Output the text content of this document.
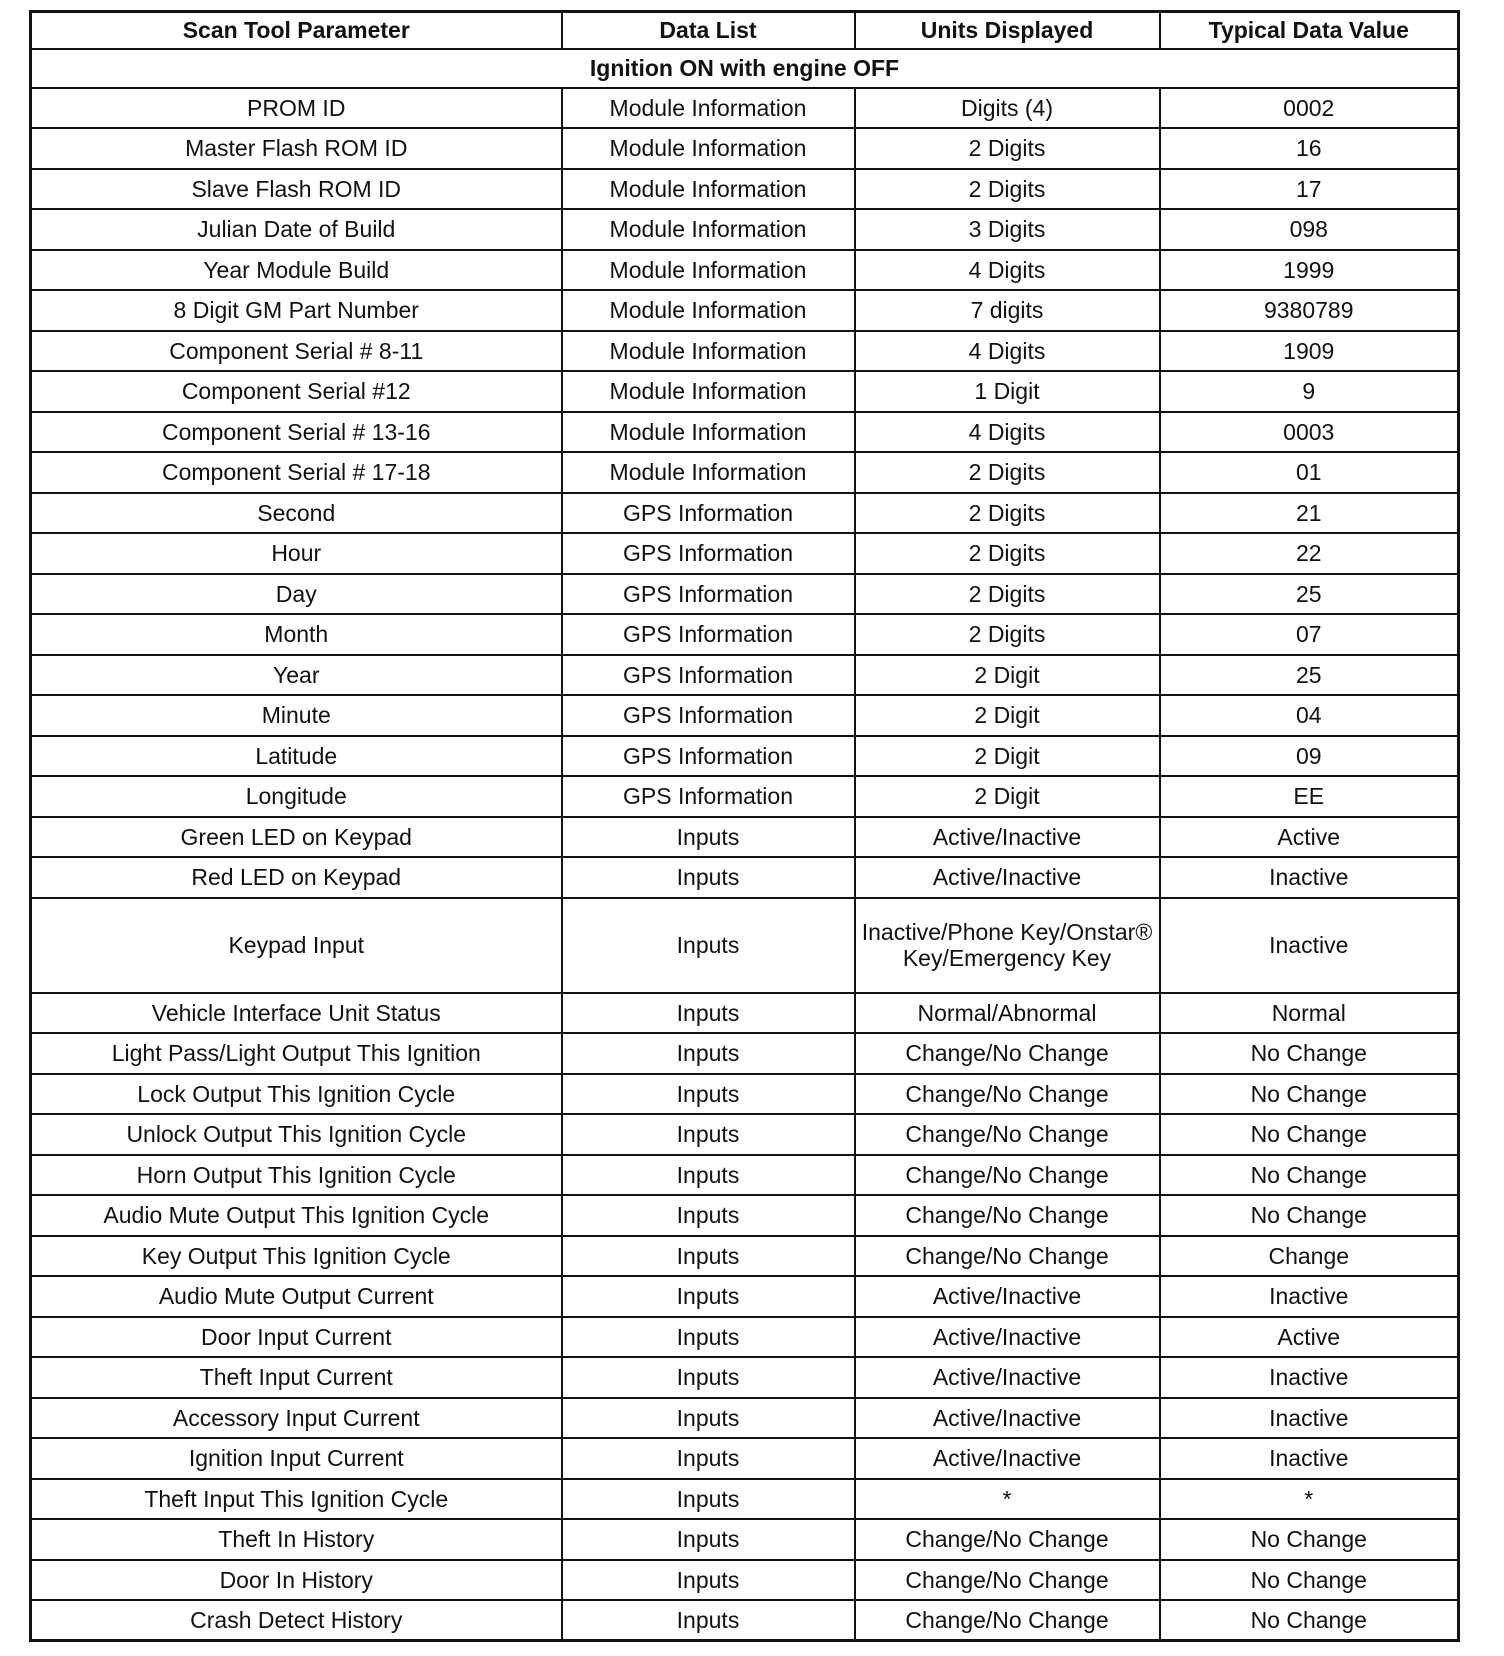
Scan Tool Parameter	Data List	Units Displayed	Typical Data Value
Ignition ON with engine OFF			
PROM ID	Module Information	Digits (4)	0002
Master Flash ROM ID	Module Information	2 Digits	16
Slave Flash ROM ID	Module Information	2 Digits	17
Julian Date of Build	Module Information	3 Digits	098
Year Module Build	Module Information	4 Digits	1999
8 Digit GM Part Number	Module Information	7 digits	9380789
Component Serial # 8-11	Module Information	4 Digits	1909
Component Serial #12	Module Information	1 Digit	9
Component Serial # 13-16	Module Information	4 Digits	0003
Component Serial # 17-18	Module Information	2 Digits	01
Second	GPS Information	2 Digits	21
Hour	GPS Information	2 Digits	22
Day	GPS Information	2 Digits	25
Month	GPS Information	2 Digits	07
Year	GPS Information	2 Digit	25
Minute	GPS Information	2 Digit	04
Latitude	GPS Information	2 Digit	09
Longitude	GPS Information	2 Digit	EE
Green LED on Keypad	Inputs	Active/Inactive	Active
Red LED on Keypad	Inputs	Active/Inactive	Inactive
Keypad Input	Inputs	Inactive/Phone Key/Onstar® Key/Emergency Key	Inactive
Vehicle Interface Unit Status	Inputs	Normal/Abnormal	Normal
Light Pass/Light Output This Ignition	Inputs	Change/No Change	No Change
Lock Output This Ignition Cycle	Inputs	Change/No Change	No Change
Unlock Output This Ignition Cycle	Inputs	Change/No Change	No Change
Horn Output This Ignition Cycle	Inputs	Change/No Change	No Change
Audio Mute Output This Ignition Cycle	Inputs	Change/No Change	No Change
Key Output This Ignition Cycle	Inputs	Change/No Change	Change
Audio Mute Output Current	Inputs	Active/Inactive	Inactive
Door Input Current	Inputs	Active/Inactive	Active
Theft Input Current	Inputs	Active/Inactive	Inactive
Accessory Input Current	Inputs	Active/Inactive	Inactive
Ignition Input Current	Inputs	Active/Inactive	Inactive
Theft Input This Ignition Cycle	Inputs	*	*
Theft In History	Inputs	Change/No Change	No Change
Door In History	Inputs	Change/No Change	No Change
Crash Detect History	Inputs	Change/No Change	No Change
